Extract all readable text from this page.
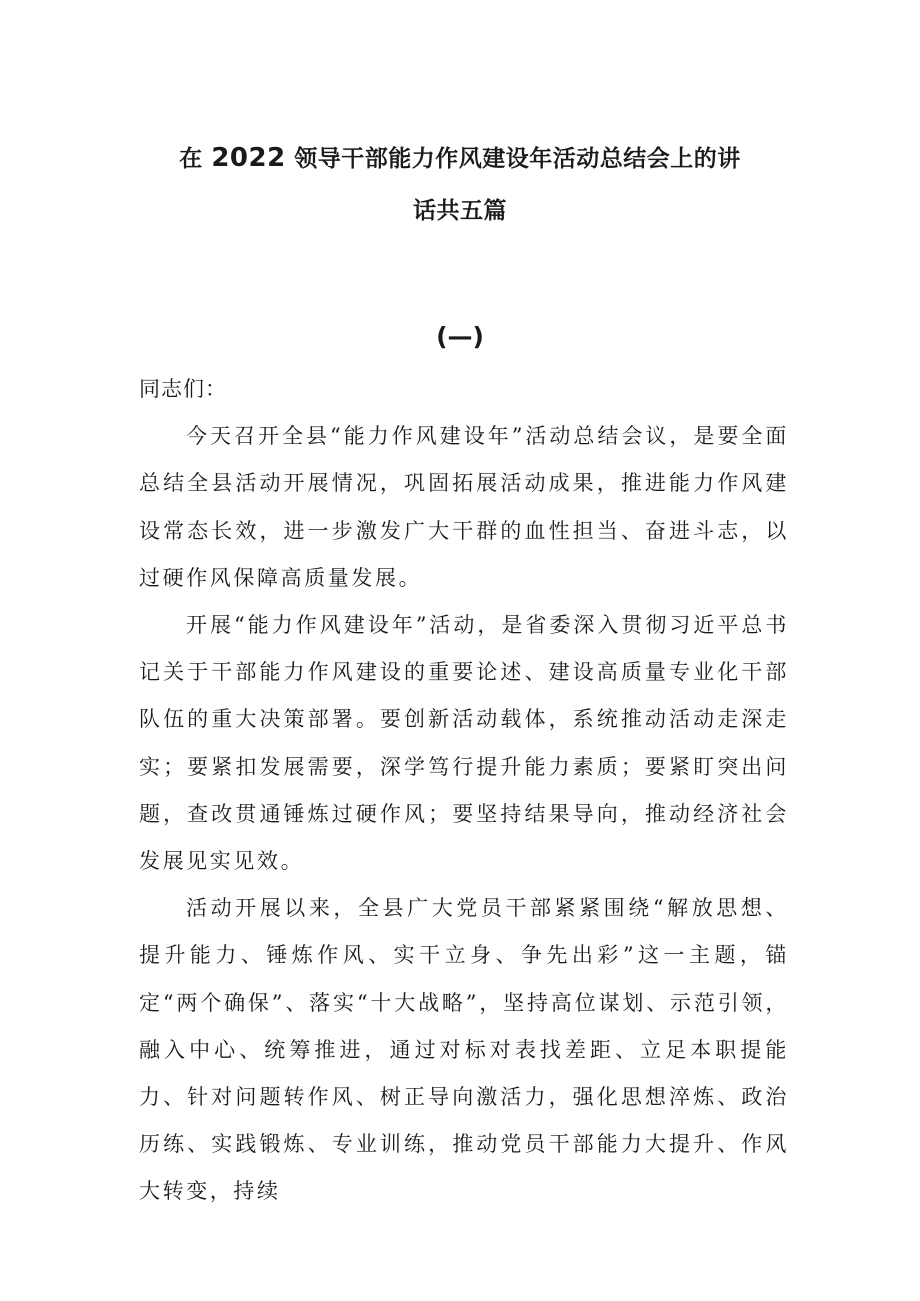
在 2022 领导干部能力作风建设年活动总结会上的讲
话共五篇
(—)

同志们：

今天召开全县“能力作风建设年”活动总结会议，是要全面总结全县活动开展情况，巩固拓展活动成果，推进能力作风建设常态长效，进一步激发广大干群的血性担当、奋进斗志，以过硬作风保障高质量发展。

开展“能力作风建设年”活动，是省委深入贯彻习近平总书记关于干部能力作风建设的重要论述、建设高质量专业化干部队伍的重大决策部署。要创新活动载体，系统推动活动走深走实；要紧扣发展需要，深学笃行提升能力素质；要紧盯突出问题，查改贯通锤炼过硬作风；要坚持结果导向，推动经济社会发展见实见效。

活动开展以来，全县广大党员干部紧紧围绕“解放思想、提升能力、锤炼作风、实干立身、争先出彩”这一主题，锚定“两个确保”、落实“十大战略”，坚持高位谋划、示范引领，融入中心、统筹推进，通过对标对表找差距、立足本职提能力、针对问题转作风、树正导向激活力，强化思想淬炼、政治历练、实践锻炼、专业训练，推动党员干部能力大提升、作风大转变，持续
